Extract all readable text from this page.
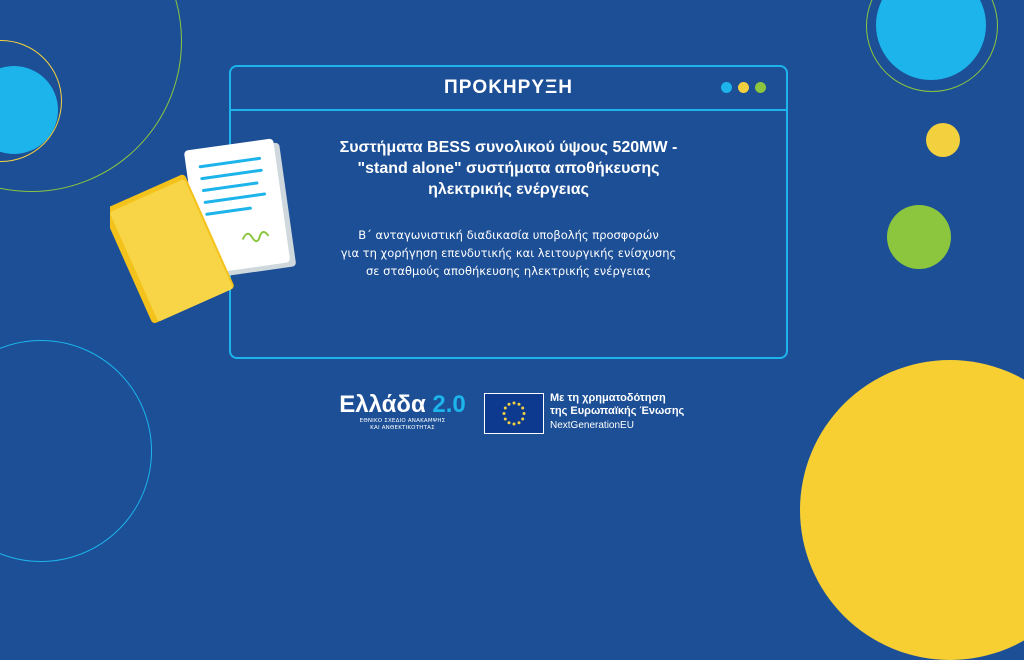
ΠΡΟΚΗΡΥΞΗ
Συστήματα BESS συνολικού ύψους 520MW -
"stand alone" συστήματα αποθήκευσης
ηλεκτρικής ενέργειας
Β΄ ανταγωνιστική διαδικασία υποβολής προσφορών
για τη χορήγηση επενδυτικής και λειτουργικής ενίσχυσης
σε σταθμούς αποθήκευσης ηλεκτρικής ενέργειας
Ελλάδα 2.0
ΕΘΝΙΚΟ ΣΧΕΔΙΟ ΑΝΑΚΑΜΨΗΣ
ΚΑΙ ΑΝΘΕΚΤΙΚΟΤΗΤΑΣ
Με τη χρηματοδότηση
της Ευρωπαϊκής Ένωσης
NextGenerationEU
